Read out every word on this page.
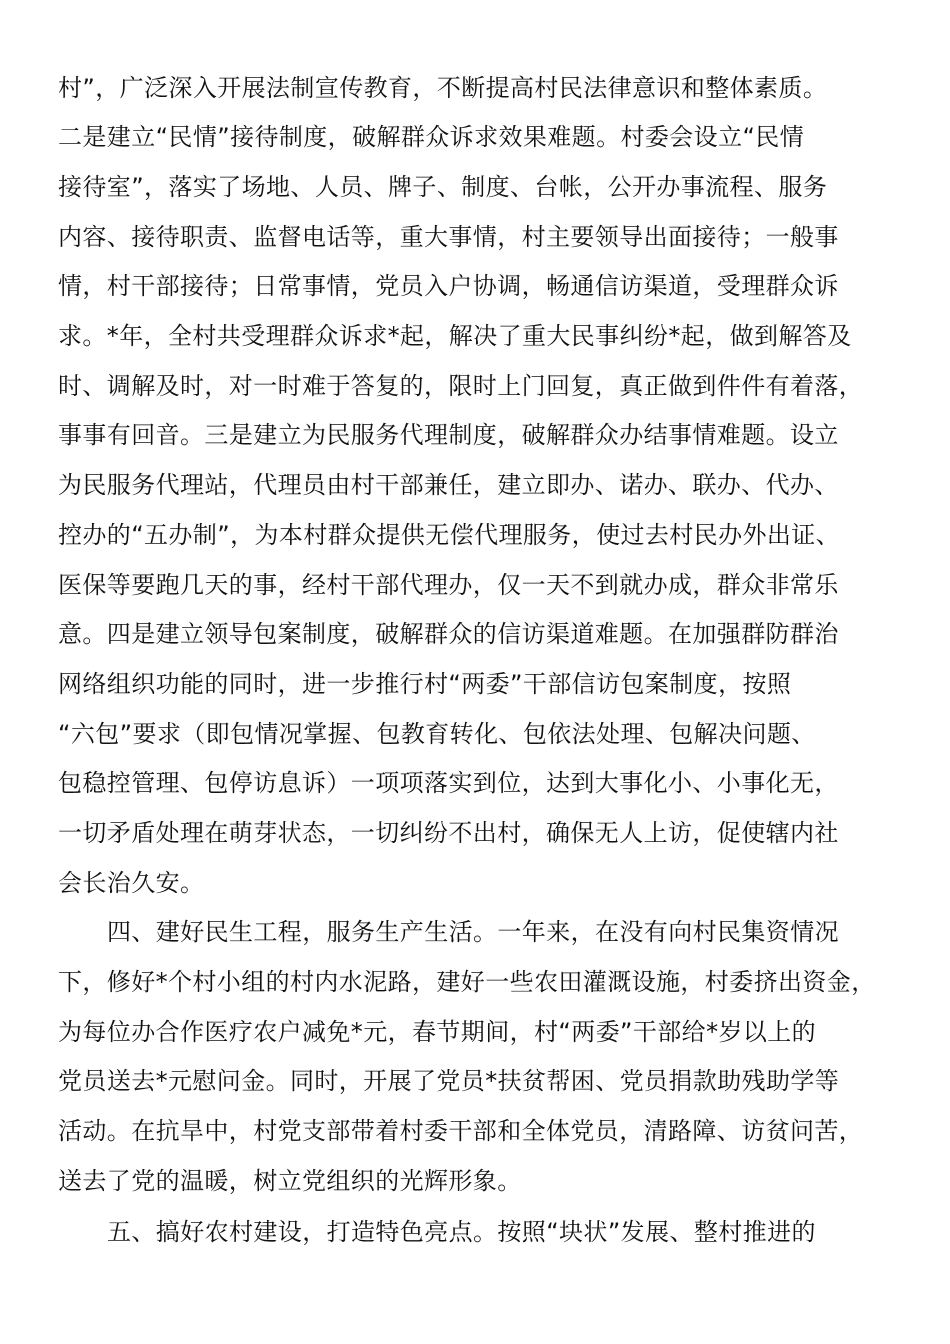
村”，广泛深入开展法制宣传教育，不断提高村民法律意识和整体素质。
二是建立“民情”接待制度，破解群众诉求效果难题。村委会设立“民情
接待室”，落实了场地、人员、牌子、制度、台帐，公开办事流程、服务
内容、接待职责、监督电话等，重大事情，村主要领导出面接待；一般事
情，村干部接待；日常事情，党员入户协调，畅通信访渠道，受理群众诉
求。*年，全村共受理群众诉求*起，解决了重大民事纠纷*起，做到解答及
时、调解及时，对一时难于答复的，限时上门回复，真正做到件件有着落，
事事有回音。三是建立为民服务代理制度，破解群众办结事情难题。设立
为民服务代理站，代理员由村干部兼任，建立即办、诺办、联办、代办、
控办的“五办制”，为本村群众提供无偿代理服务，使过去村民办外出证、
医保等要跑几天的事，经村干部代理办，仅一天不到就办成，群众非常乐
意。四是建立领导包案制度，破解群众的信访渠道难题。在加强群防群治
网络组织功能的同时，进一步推行村“两委”干部信访包案制度，按照
“六包”要求（即包情况掌握、包教育转化、包依法处理、包解决问题、
包稳控管理、包停访息诉）一项项落实到位，达到大事化小、小事化无，
一切矛盾处理在萌芽状态，一切纠纷不出村，确保无人上访，促使辖内社
会长治久安。
四、建好民生工程，服务生产生活。一年来，在没有向村民集资情况
下，修好*个村小组的村内水泥路，建好一些农田灌溉设施，村委挤出资金，
为每位办合作医疗农户减免*元，春节期间，村“两委”干部给*岁以上的
党员送去*元慰问金。同时，开展了党员*扶贫帮困、党员捐款助残助学等
活动。在抗旱中，村党支部带着村委干部和全体党员，清路障、访贫问苦，
送去了党的温暖，树立党组织的光辉形象。
五、搞好农村建设，打造特色亮点。按照“块状”发展、整村推进的
